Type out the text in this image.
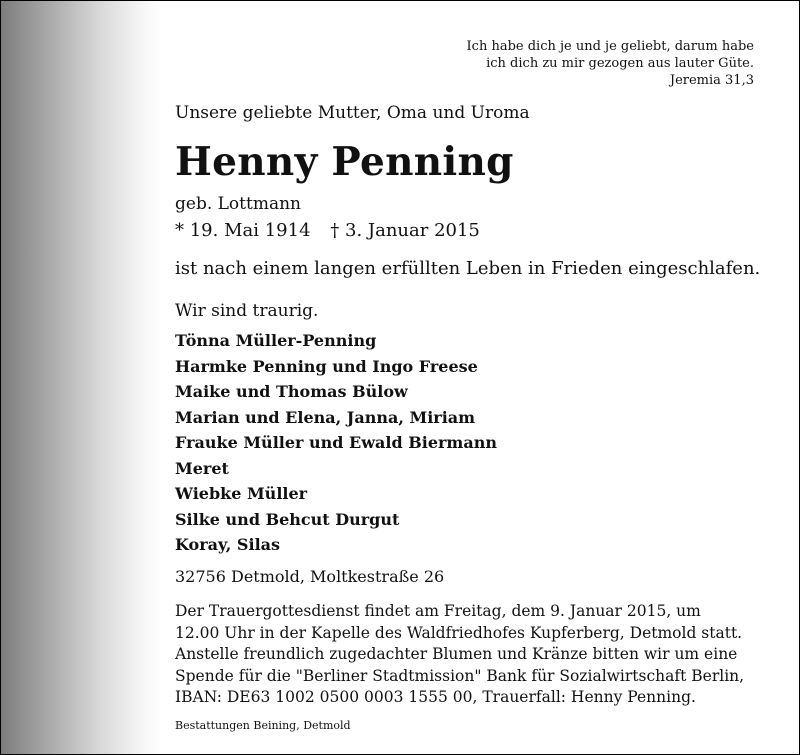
Ich habe dich je und je geliebt, darum habe
ich dich zu mir gezogen aus lauter Güte.
Jeremia 31,3
Unsere geliebte Mutter, Oma und Uroma
Henny Penning
geb. Lottmann
* 19. Mai 1914 † 3. Januar 2015
ist nach einem langen erfüllten Leben in Frieden eingeschlafen.
Wir sind traurig.
Tönna Müller-Penning
Harmke Penning und Ingo Freese
Maike und Thomas Bülow
Marian und Elena, Janna, Miriam
Frauke Müller und Ewald Biermann
Meret
Wiebke Müller
Silke und Behcut Durgut
Koray, Silas
32756 Detmold, Moltkestraße 26
Der Trauergottesdienst findet am Freitag, dem 9. Januar 2015, um
12.00 Uhr in der Kapelle des Waldfriedhofes Kupferberg, Detmold statt.
Anstelle freundlich zugedachter Blumen und Kränze bitten wir um eine
Spende für die "Berliner Stadtmission" Bank für Sozialwirtschaft Berlin,
IBAN: DE63 1002 0500 0003 1555 00, Trauerfall: Henny Penning.
Bestattungen Beining, Detmold
